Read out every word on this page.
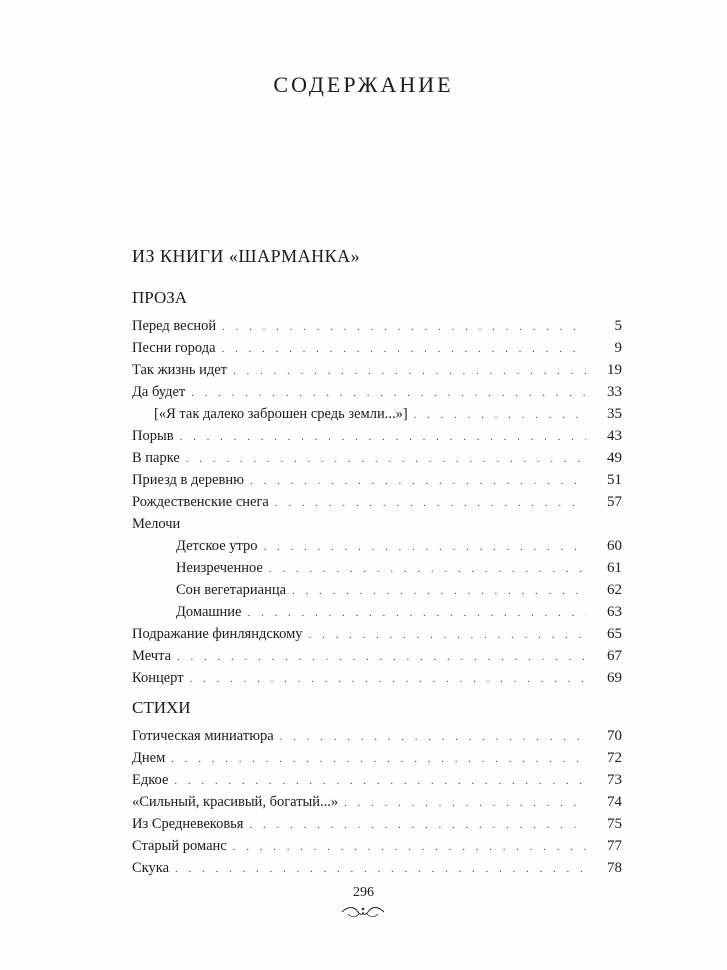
СОДЕРЖАНИЕ
ИЗ КНИГИ «ШАРМАНКА»
ПРОЗА
Перед весной . . .	5
Песни города . . .	9
Так жизнь идет . . .	19
Да будет . . .	33
[«Я так далеко заброшен средь земли...»] . . .	35
Порыв . . .	43
В парке . . .	49
Приезд в деревню . . .	51
Рождественские снега . . .	57
Мелочи
Детское утро . . .	60
Неизреченное . . .	61
Сон вегетарианца . . .	62
Домашние . . .	63
Подражание финляндскому . . .	65
Мечта . . .	67
Концерт . . .	69
СТИХИ
Готическая миниатюра . . .	70
Днем . . .	72
Едкое . . .	73
«Сильный, красивый, богатый...» . . .	74
Из Средневековья . . .	75
Старый романс . . .	77
Скука . . .	78
296
